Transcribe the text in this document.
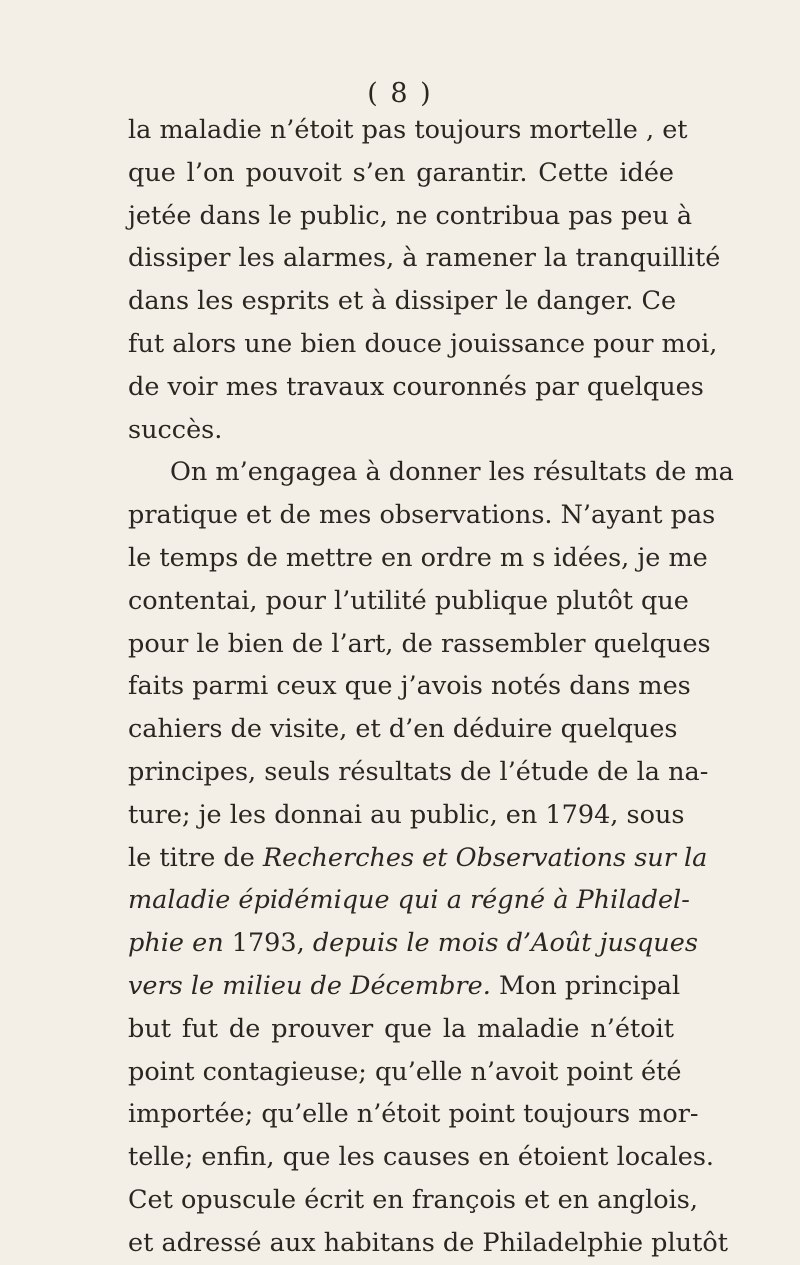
( 8 )
la maladie n’étoit pas toujours mortelle , et
que l’on pouvoit s’en garantir. Cette idée
jetée dans le public, ne contribua pas peu à
dissiper les alarmes, à ramener la tranquillité
dans les esprits et à dissiper le danger. Ce
fut alors une bien douce jouissance pour moi,
de voir mes travaux couronnés par quelques
succès.
On m’engagea à donner les résultats de ma
pratique et de mes observations. N’ayant pas
le temps de mettre en ordre m s idées, je me
contentai, pour l’utilité publique plutôt que
pour le bien de l’art, de rassembler quelques
faits parmi ceux que j’avois notés dans mes
cahiers de visite, et d’en déduire quelques
principes, seuls résultats de l’étude de la na-
ture; je les donnai au public, en 1794, sous
le titre de Recherches et Observations sur la
maladie épidémique qui a régné à Philadel-
phie en 1793, depuis le mois d’Août jusques
vers le milieu de Décembre. Mon principal
but fut de prouver que la maladie n’étoit
point contagieuse; qu’elle n’avoit point été
importée; qu’elle n’étoit point toujours mor-
telle; enfin, que les causes en étoient locales.
Cet opuscule écrit en françois et en anglois,
et adressé aux habitans de Philadelphie plutôt
